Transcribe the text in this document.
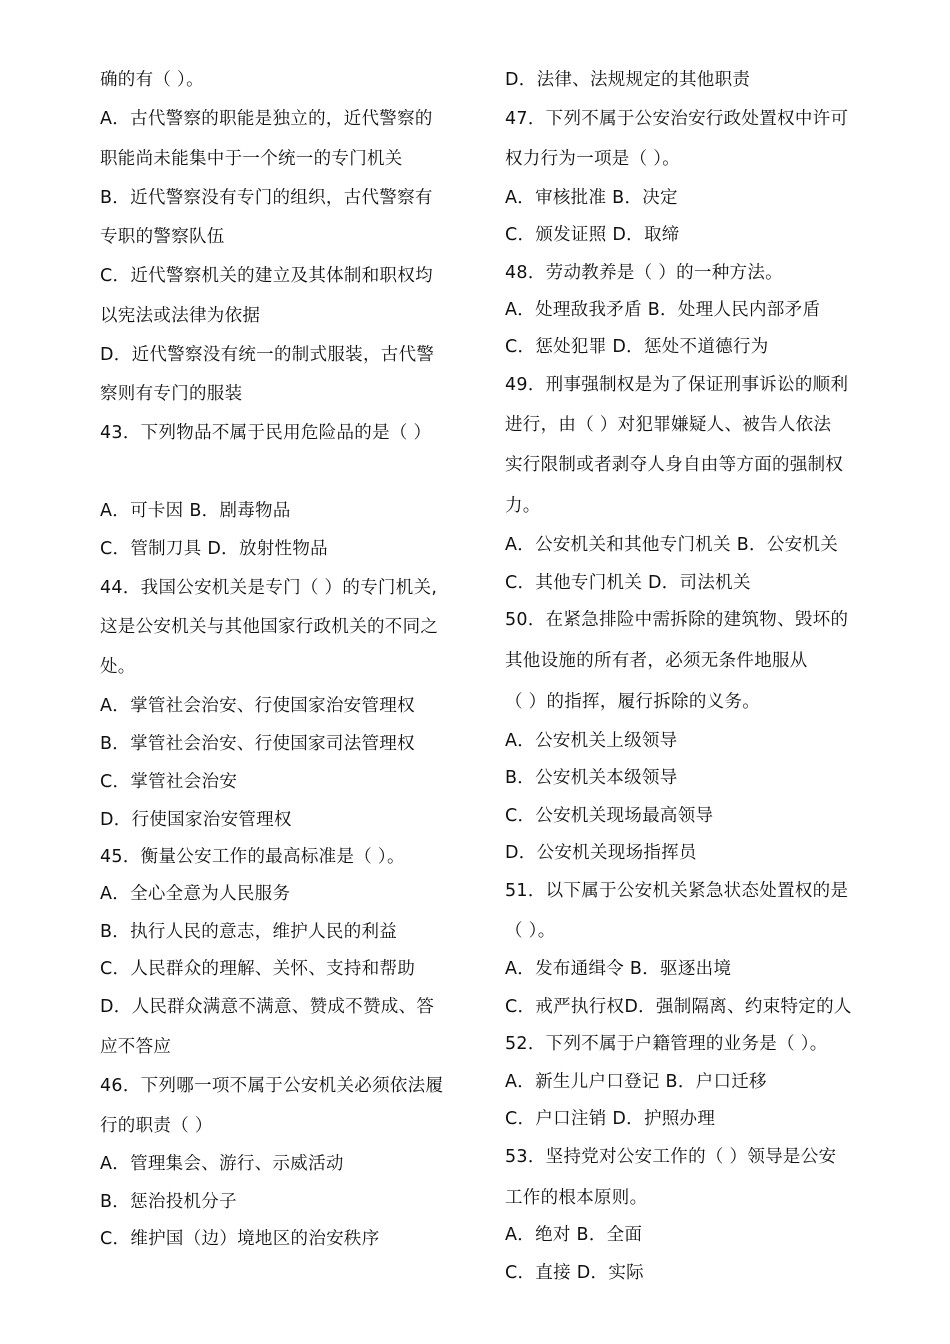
确的有（ ）。
A．古代警察的职能是独立的，近代警察的
职能尚未能集中于一个统一的专门机关
B．近代警察没有专门的组织，古代警察有
专职的警察队伍
C．近代警察机关的建立及其体制和职权均
以宪法或法律为依据
D．近代警察没有统一的制式服装，古代警
察则有专门的服装
43．下列物品不属于民用危险品的是（ ）
A．可卡因 B．剧毒物品
C．管制刀具 D．放射性物品
44．我国公安机关是专门（ ）的专门机关,
这是公安机关与其他国家行政机关的不同之
处。
A．掌管社会治安、行使国家治安管理权
B．掌管社会治安、行使国家司法管理权
C．掌管社会治安
D．行使国家治安管理权
45．衡量公安工作的最高标准是（ ）。
A．全心全意为人民服务
B．执行人民的意志，维护人民的利益
C．人民群众的理解、关怀、支持和帮助
D．人民群众满意不满意、赞成不赞成、答
应不答应
46．下列哪一项不属于公安机关必须依法履
行的职责（ ）
A．管理集会、游行、示威活动
B．惩治投机分子
C．维护国（边）境地区的治安秩序
D．法律、法规规定的其他职责
47．下列不属于公安治安行政处置权中许可
权力行为一项是（ ）。
A．审核批准 B．决定
C．颁发证照 D．取缔
48．劳动教养是（ ）的一种方法。
A．处理敌我矛盾 B．处理人民内部矛盾
C．惩处犯罪 D．惩处不道德行为
49．刑事强制权是为了保证刑事诉讼的顺利
进行，由（ ）对犯罪嫌疑人、被告人依法
实行限制或者剥夺人身自由等方面的强制权
力。
A．公安机关和其他专门机关 B．公安机关
C．其他专门机关 D．司法机关
50．在紧急排险中需拆除的建筑物、毁坏的
其他设施的所有者，必须无条件地服从
（ ）的指挥，履行拆除的义务。
A．公安机关上级领导
B．公安机关本级领导
C．公安机关现场最高领导
D．公安机关现场指挥员
51．以下属于公安机关紧急状态处置权的是
（ ）。
A．发布通缉令 B．驱逐出境
C．戒严执行权D．强制隔离、约束特定的人
52．下列不属于户籍管理的业务是（ ）。
A．新生儿户口登记 B．户口迁移
C．户口注销 D．护照办理
53．坚持党对公安工作的（ ）领导是公安
工作的根本原则。
A．绝对 B．全面
C．直接 D．实际
